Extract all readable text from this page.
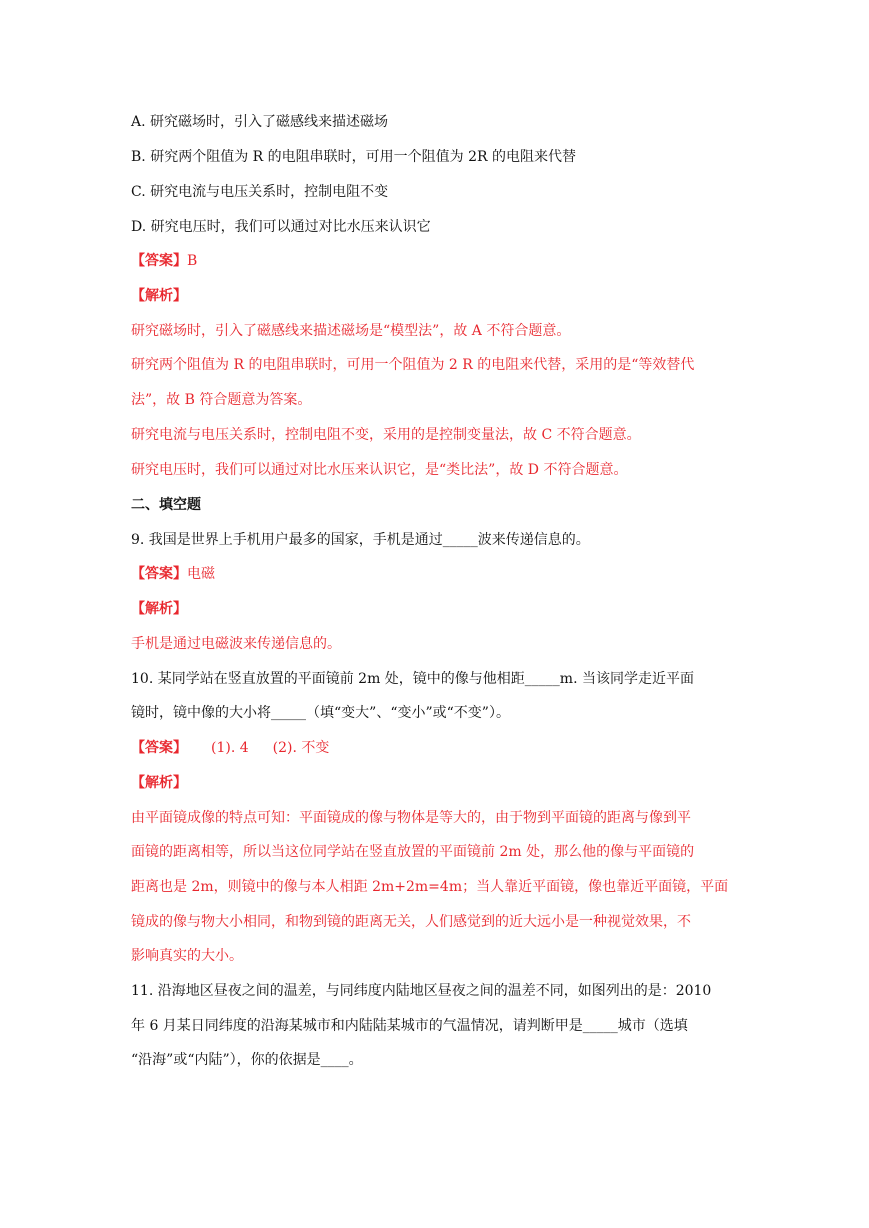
A. 研究磁场时，引入了磁感线来描述磁场
B. 研究两个阻值为 R 的电阻串联时，可用一个阻值为 2R 的电阻来代替
C. 研究电流与电压关系时，控制电阻不变
D. 研究电压时，我们可以通过对比水压来认识它
【答案】B
【解析】
研究磁场时，引入了磁感线来描述磁场是“模型法”，故 A 不符合题意。
研究两个阻值为 R 的电阻串联时，可用一个阻值为 2 R 的电阻来代替，采用的是“等效替代
法”，故 B 符合题意为答案。
研究电流与电压关系时，控制电阻不变，采用的是控制变量法，故 C 不符合题意。
研究电压时，我们可以通过对比水压来认识它，是“类比法”，故 D 不符合题意。
二、填空题
9. 我国是世界上手机用户最多的国家，手机是通过_____波来传递信息的。
【答案】电磁
【解析】
手机是通过电磁波来传递信息的。
10. 某同学站在竖直放置的平面镜前 2m 处，镜中的像与他相距_____m. 当该同学走近平面
镜时，镜中像的大小将_____（填“变大”、“变小”或“不变”）。
【答案】 (1). 4 (2). 不变
【解析】
由平面镜成像的特点可知：平面镜成的像与物体是等大的，由于物到平面镜的距离与像到平
面镜的距离相等，所以当这位同学站在竖直放置的平面镜前 2m 处，那么他的像与平面镜的
距离也是 2m，则镜中的像与本人相距 2m+2m=4m；当人靠近平面镜，像也靠近平面镜，平面
镜成的像与物大小相同，和物到镜的距离无关，人们感觉到的近大远小是一种视觉效果，不
影响真实的大小。
11. 沿海地区昼夜之间的温差，与同纬度内陆地区昼夜之间的温差不同，如图列出的是：2010
年 6 月某日同纬度的沿海某城市和内陆陆某城市的气温情况，请判断甲是_____城市（选填
“沿海”或“内陆”），你的依据是____。
